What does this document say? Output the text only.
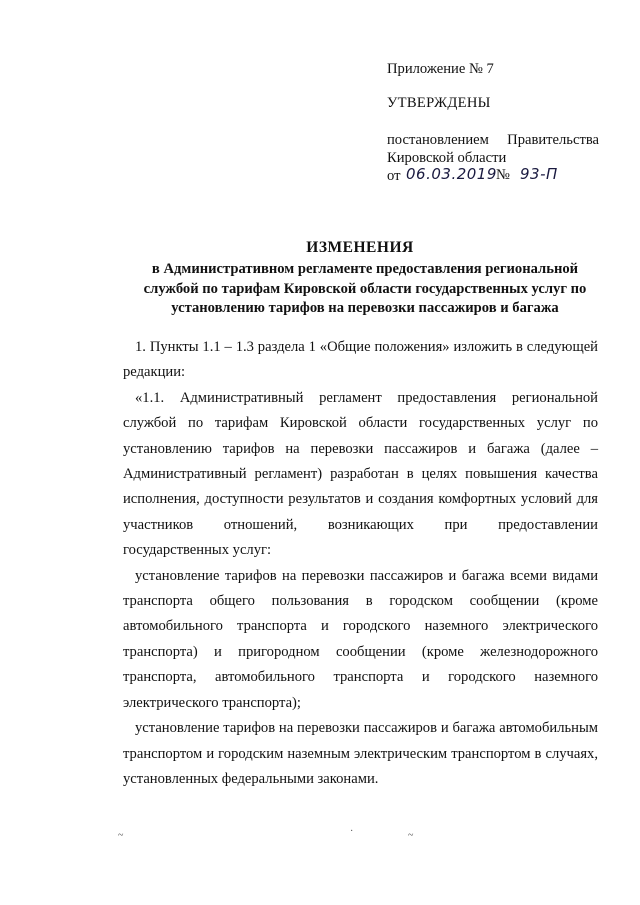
Приложение № 7
УТВЕРЖДЕНЫ
постановлением Правительства
Кировской области
от 06.03.2019 № 93-П
ИЗМЕНЕНИЯ
в Административном регламенте предоставления региональной службой по тарифам Кировской области государственных услуг по установлению тарифов на перевозки пассажиров и багажа

1. Пункты 1.1 – 1.3 раздела 1 «Общие положения» изложить в следующей редакции:

«1.1. Административный регламент предоставления региональной службой по тарифам Кировской области государственных услуг по установлению тарифов на перевозки пассажиров и багажа (далее – Административный регламент) разработан в целях повышения качества исполнения, доступности результатов и создания комфортных условий для участников отношений, возникающих при предоставлении государственных услуг:

установление тарифов на перевозки пассажиров и багажа всеми видами транспорта общего пользования в городском сообщении (кроме автомобильного транспорта и городского наземного электрического транспорта) и пригородном сообщении (кроме железнодорожного транспорта, автомобильного транспорта и городского наземного электрического транспорта);

установление тарифов на перевозки пассажиров и багажа автомобильным транспортом и городским наземным электрическим транспортом в случаях, установленных федеральными законами.

~	·	~
